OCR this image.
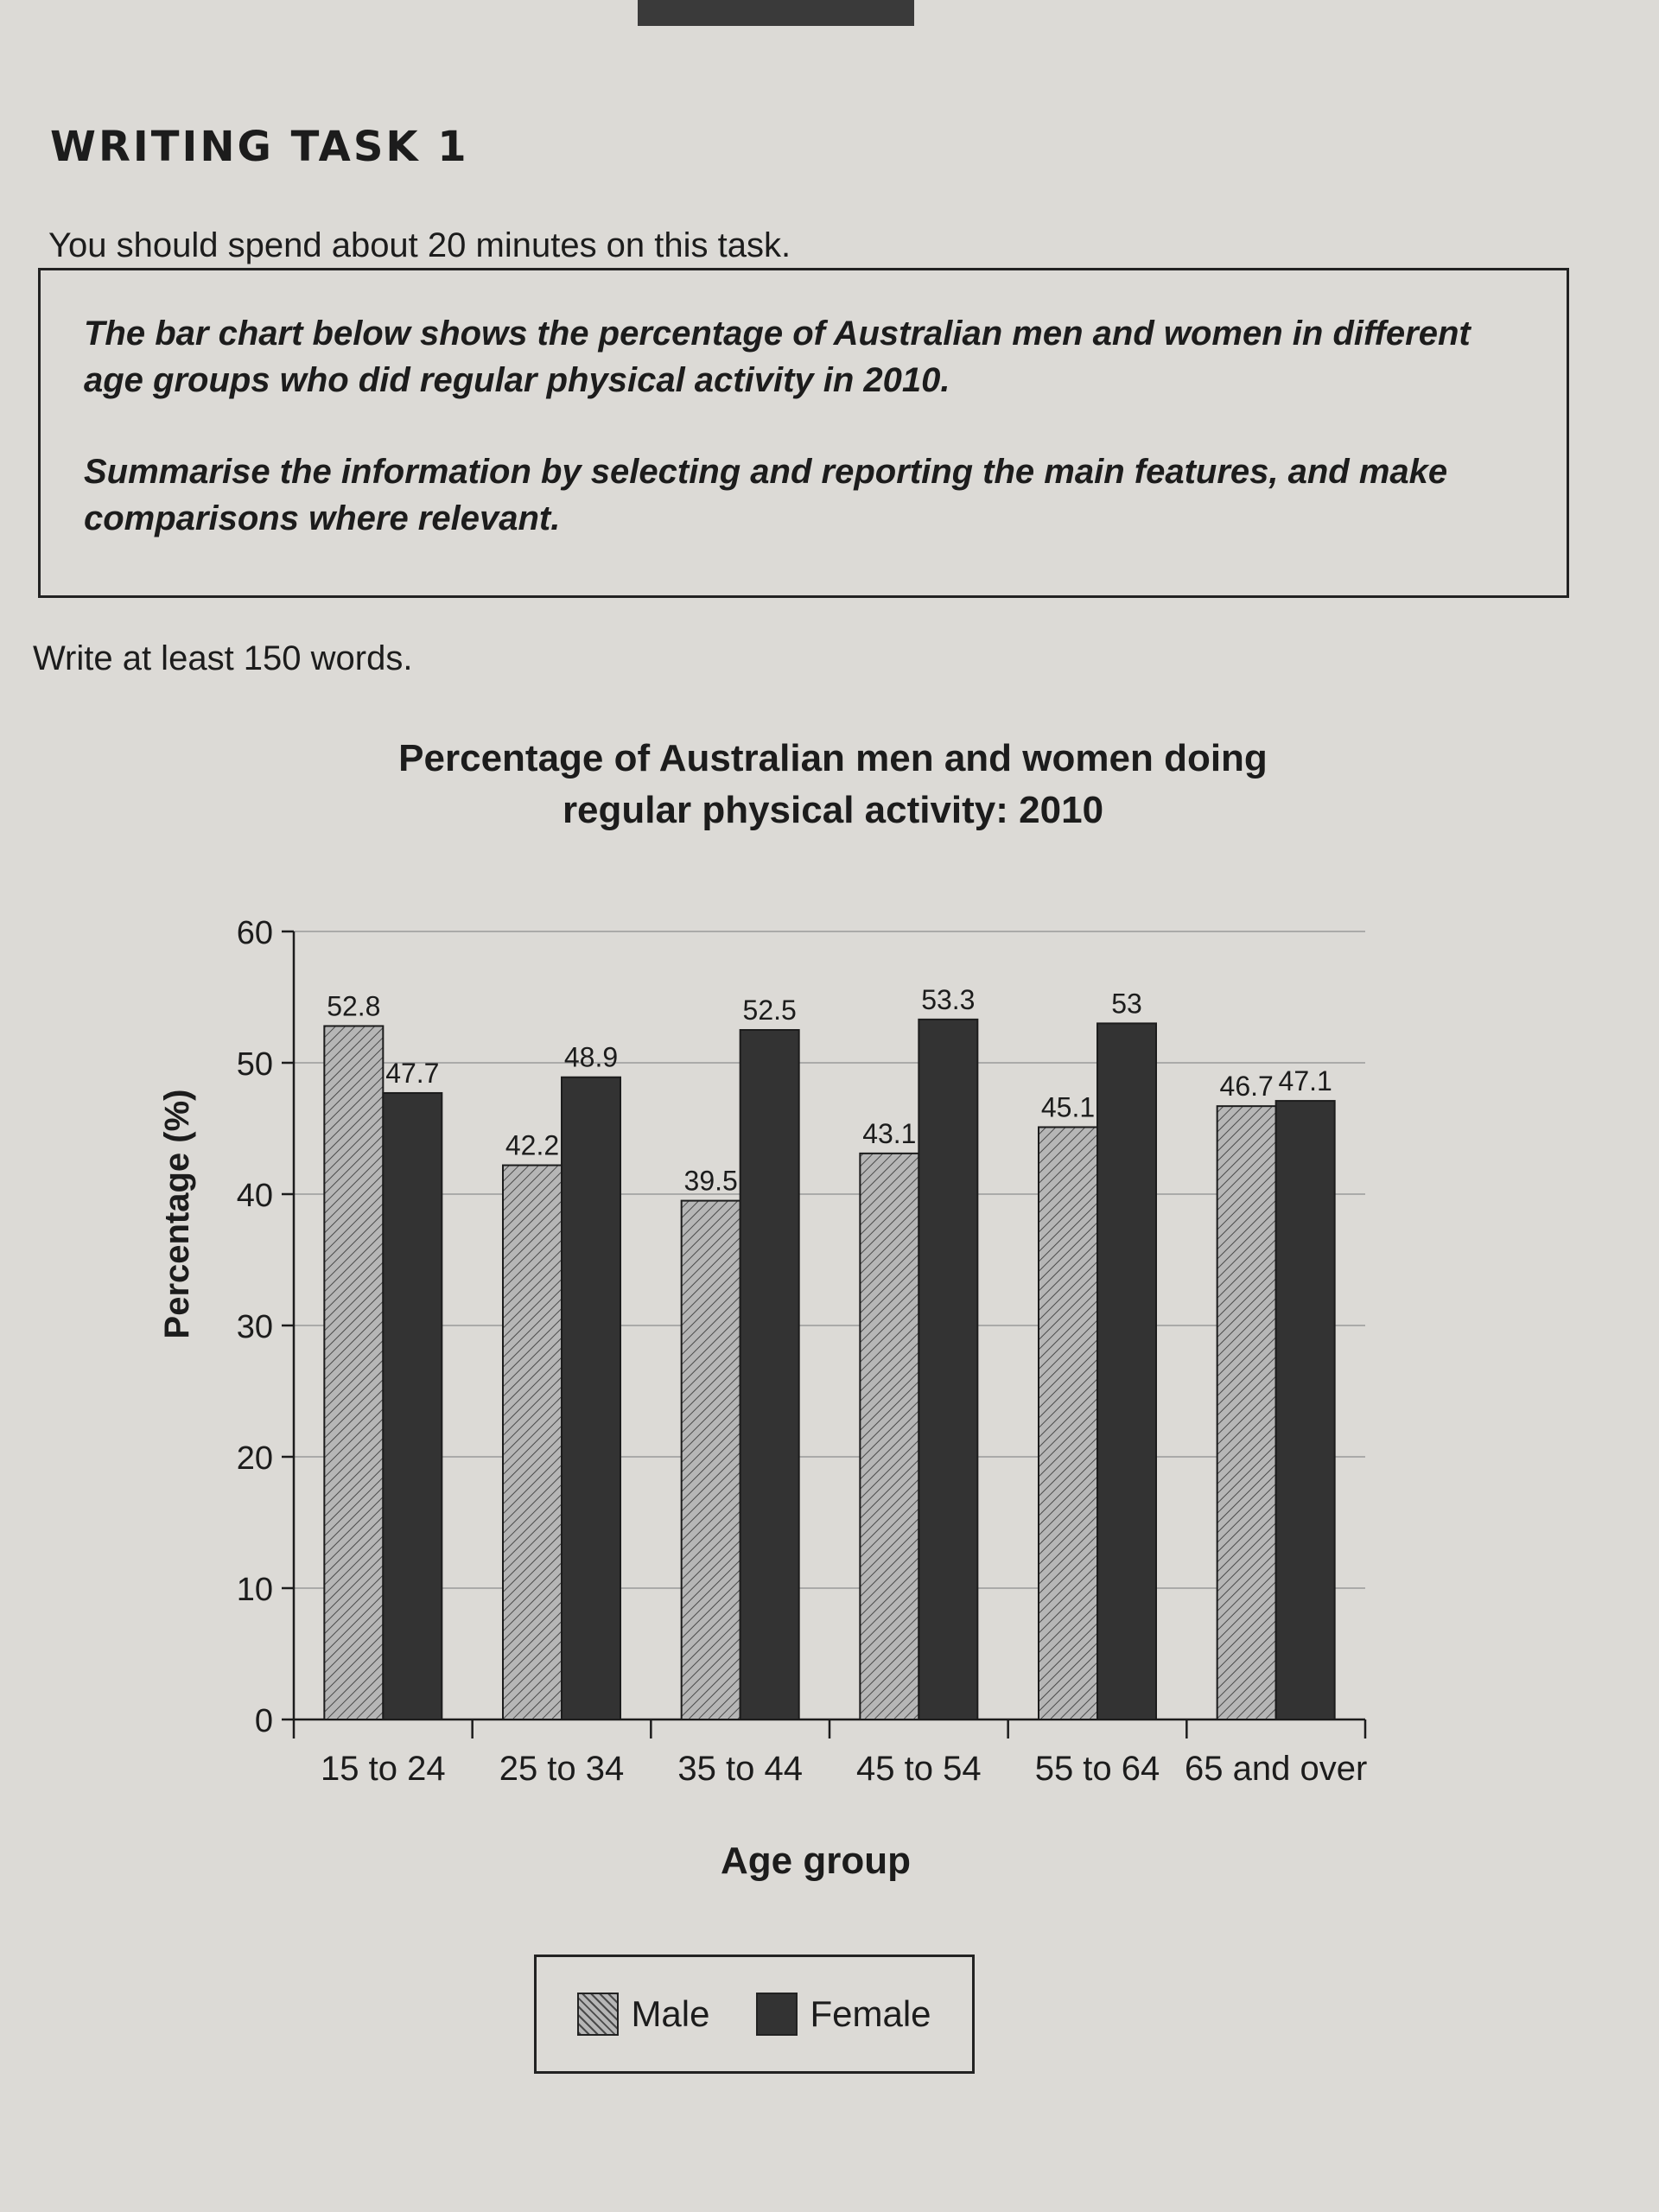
WRITING TASK 1
You should spend about 20 minutes on this task.

The bar chart below shows the percentage of Australian men and women in different age groups who did regular physical activity in 2010.

Summarise the information by selecting and reporting the main features, and make comparisons where relevant.

Write at least 150 words.
Percentage of Australian men and women doing
regular physical activity: 2010
0
10
20
30
40
50
60
15 to 24
52.8
47.7
25 to 34
42.2
48.9
35 to 44
39.5
52.5
45 to 54
43.1
53.3
55 to 64
45.1
53
65 and over
46.7 47.1
Age group
Percentage (%)
Male	Female
